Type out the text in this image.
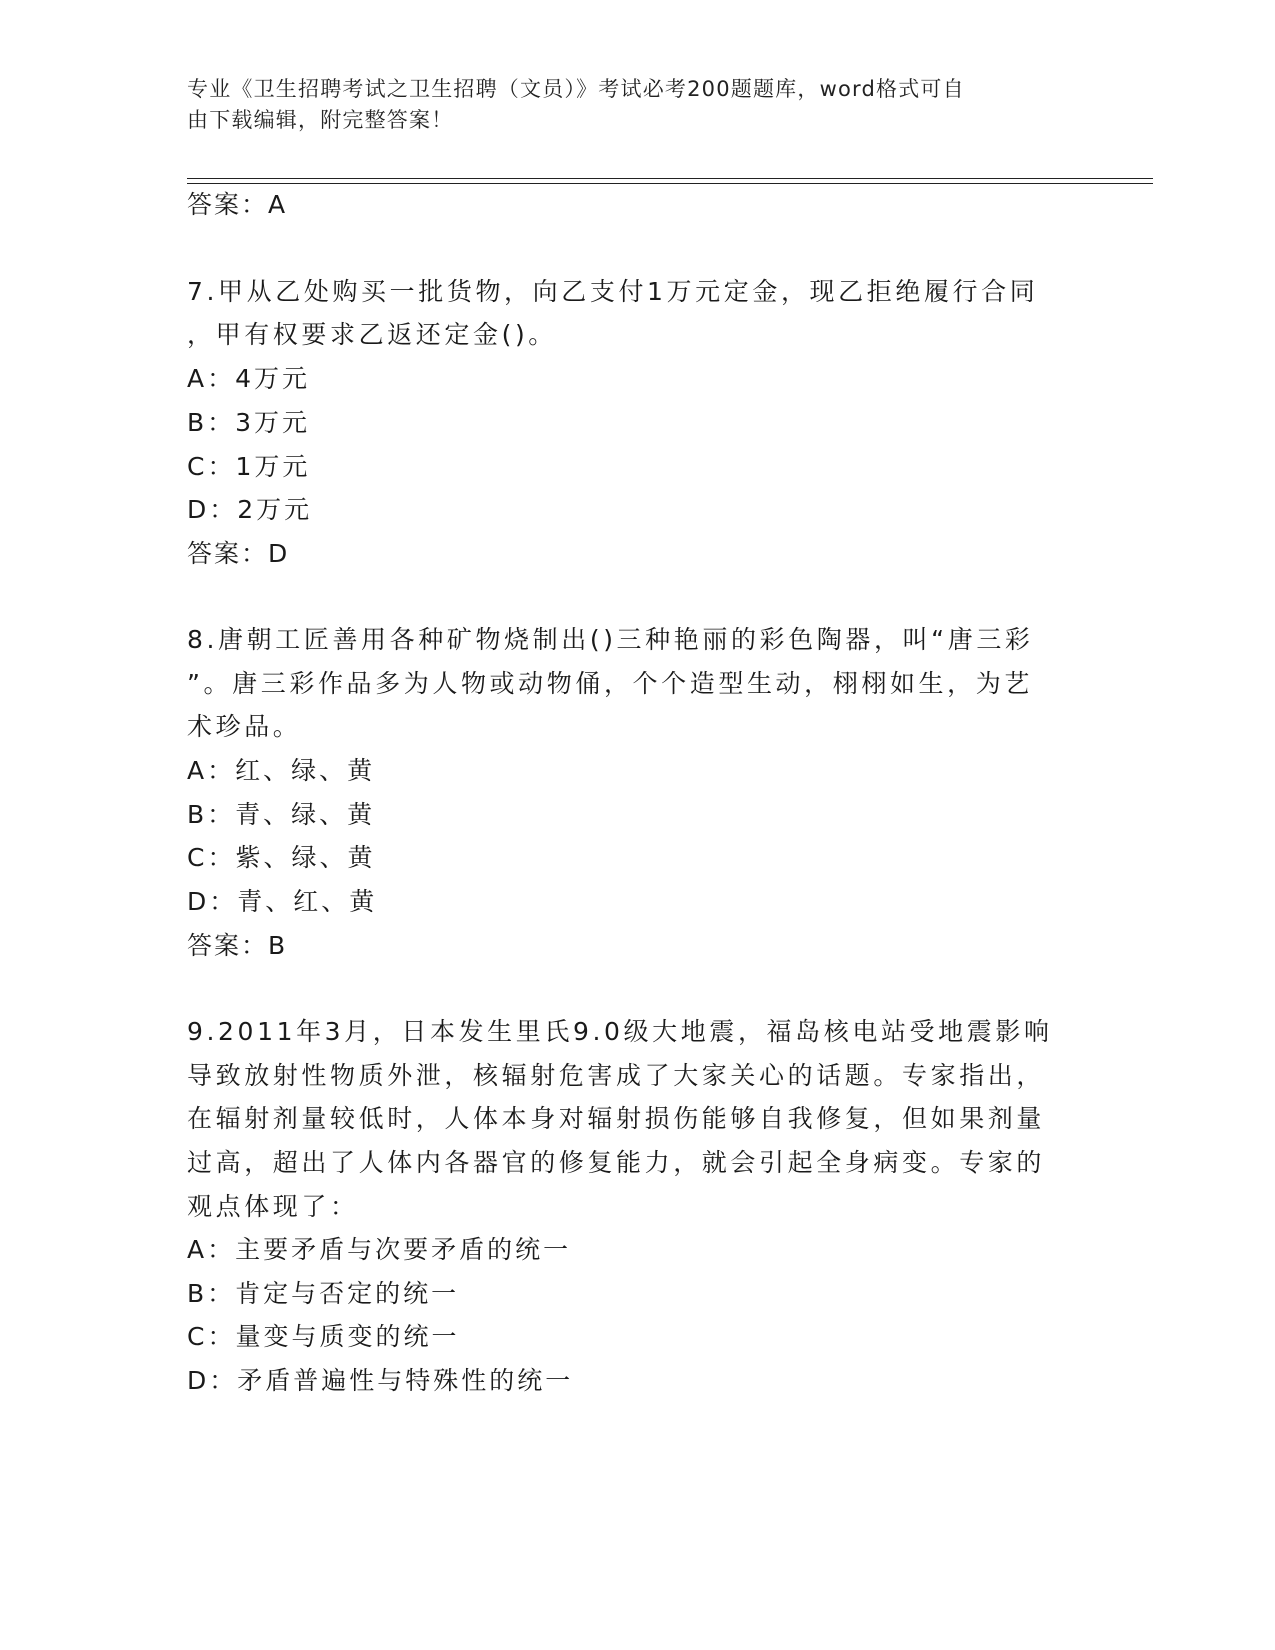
专业《卫生招聘考试之卫生招聘（文员）》考试必考200题题库，word格式可自
由下载编辑，附完整答案！
答案：A
7.甲从乙处购买一批货物，向乙支付1万元定金，现乙拒绝履行合同
，甲有权要求乙返还定金()。
A：4万元
B：3万元
C：1万元
D：2万元
答案：D
8.唐朝工匠善用各种矿物烧制出()三种艳丽的彩色陶器，叫“唐三彩
”。唐三彩作品多为人物或动物俑，个个造型生动，栩栩如生，为艺
术珍品。
A：红、绿、黄
B：青、绿、黄
C：紫、绿、黄
D：青、红、黄
答案：B
9.2011年3月，日本发生里氏9.0级大地震，福岛核电站受地震影响
导致放射性物质外泄，核辐射危害成了大家关心的话题。专家指出，
在辐射剂量较低时，人体本身对辐射损伤能够自我修复，但如果剂量
过高，超出了人体内各器官的修复能力，就会引起全身病变。专家的
观点体现了：
A：主要矛盾与次要矛盾的统一
B：肯定与否定的统一
C：量变与质变的统一
D：矛盾普遍性与特殊性的统一
